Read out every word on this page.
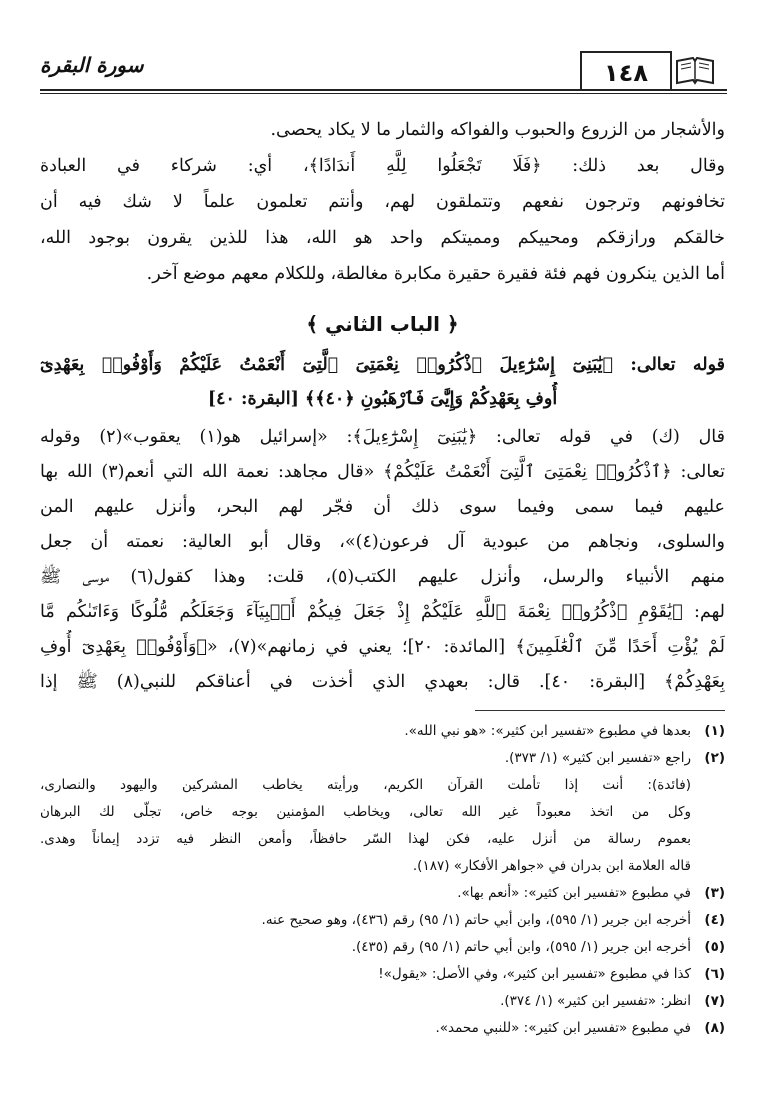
سورة البقرة	١٤٨
والأشجار من الزروع والحبوب والفواكه والثمار ما لا يكاد يحصى.
وقال بعد ذلك: ﴿فَلَا تَجْعَلُوا لِلَّهِ أَندَادًا﴾، أي: شركاء في العبادة
تخافونهم وترجون نفعهم وتتملقون لهم، وأنتم تعلمون علماً لا شك فيه أن
خالقكم ورازقكم ومحييكم ومميتكم واحد هو الله، هذا للذين يقرون بوجود الله،
أما الذين ينكرون فهم فئة فقيرة حقيرة مكابرة مغالطة، وللكلام معهم موضع آخر.
﴿ الباب الثاني ﴾
قوله تعالى: ﴿يَٰبَنِىٓ إِسْرَٰٓءِيلَ ٱذْكُرُوا۟ نِعْمَتِىَ ٱلَّتِىٓ أَنْعَمْتُ عَلَيْكُمْ وَأَوْفُوا۟ بِعَهْدِىٓ
أُوفِ بِعَهْدِكُمْ وَإِيَّٰىَ فَٱرْهَبُونِ ﴿٤٠﴾﴾ [البقرة: ٤٠]
قال (ك) في قوله تعالى: ﴿يَٰبَنِىٓ إِسْرَٰٓءِيلَ﴾: «إسرائيل هو(١) يعقوب»(٢) وقوله
تعالى: ﴿ٱذْكُرُوا۟ نِعْمَتِىَ ٱلَّتِىٓ أَنْعَمْتُ عَلَيْكُمْ﴾ «قال مجاهد: نعمة الله التي أنعم(٣) الله بها
عليهم فيما سمى وفيما سوى ذلك أن فجّر لهم البحر، وأنزل عليهم المن
والسلوى، ونجاهم من عبودية آل فرعون(٤)»، وقال أبو العالية: نعمته أن جعل
منهم الأنبياء والرسل، وأنزل عليهم الكتب(٥)، قلت: وهذا كقول(٦) موسى ﷺ
لهم: ﴿يَٰقَوْمِ ٱذْكُرُوا۟ نِعْمَةَ ٱللَّهِ عَلَيْكُمْ إِذْ جَعَلَ فِيكُمْ أَنۢبِيَآءَ وَجَعَلَكُم مُّلُوكًا وَءَاتَىٰكُم مَّا
لَمْ يُؤْتِ أَحَدًا مِّنَ ٱلْعَٰلَمِينَ﴾ [المائدة: ٢٠]؛ يعني في زمانهم»(٧)، «﴿وَأَوْفُوا۟ بِعَهْدِىٓ أُوفِ
بِعَهْدِكُمْ﴾ [البقرة: ٤٠]. قال: بعهدي الذي أخذت في أعناقكم للنبي(٨) ﷺ إذا
(١)
بعدها في مطبوع «تفسير ابن كثير»: «هو نبي الله».
(٢)
راجع «تفسير ابن كثير» (١/ ٣٧٣).
(فائدة): أنت إذا تأملت القرآن الكريم، ورأيته يخاطب المشركين واليهود والنصارى،
وكل من اتخذ معبوداً غير الله تعالى، ويخاطب المؤمنين بوجه خاص، تجلّى لك البرهان
بعموم رسالة من أنزل عليه، فكن لهذا السّر حافظاً، وأمعن النظر فيه تزدد إيماناً وهدى.
قاله العلامة ابن بدران في «جواهر الأفكار» (١٨٧).
(٣)
في مطبوع «تفسير ابن كثير»: «أنعم بها».
(٤)
أخرجه ابن جرير (١/ ٥٩٥)، وابن أبي حاتم (١/ ٩٥) رقم (٤٣٦)، وهو صحيح عنه.
(٥)
أخرجه ابن جرير (١/ ٥٩٥)، وابن أبي حاتم (١/ ٩٥) رقم (٤٣٥).
(٦)
كذا في مطبوع «تفسير ابن كثير»، وفي الأصل: «يقول»!
(٧)
انظر: «تفسير ابن كثير» (١/ ٣٧٤).
(٨)
في مطبوع «تفسير ابن كثير»: «للنبي محمد».
